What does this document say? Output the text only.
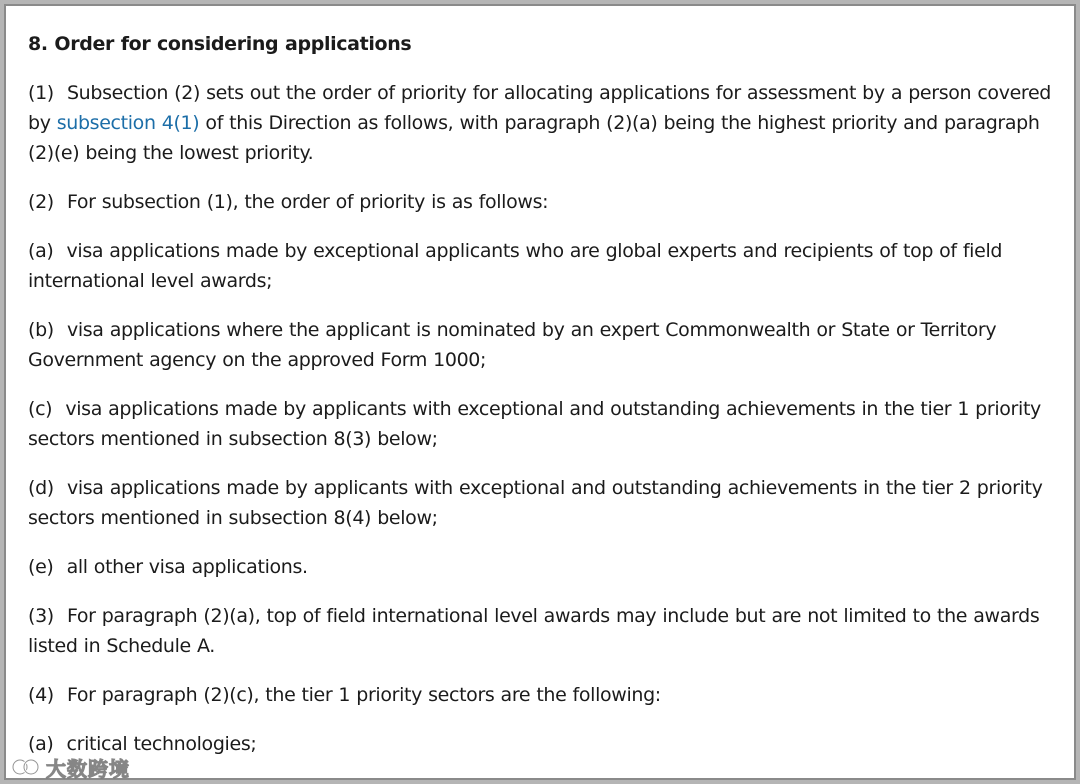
8. Order for considering applications

(1) Subsection (2) sets out the order of priority for allocating applications for assessment by a person covered by subsection 4(1) of this Direction as follows, with paragraph (2)(a) being the highest priority and paragraph (2)(e) being the lowest priority.

(2) For subsection (1), the order of priority is as follows:

(a) visa applications made by exceptional applicants who are global experts and recipients of top of field international level awards;

(b) visa applications where the applicant is nominated by an expert Commonwealth or State or Territory Government agency on the approved Form 1000;

(c) visa applications made by applicants with exceptional and outstanding achievements in the tier 1 priority sectors mentioned in subsection 8(3) below;

(d) visa applications made by applicants with exceptional and outstanding achievements in the tier 2 priority sectors mentioned in subsection 8(4) below;

(e) all other visa applications.

(3) For paragraph (2)(a), top of field international level awards may include but are not limited to the awards listed in Schedule A.

(4) For paragraph (2)(c), the tier 1 priority sectors are the following:

(a) critical technologies;

大数跨境
